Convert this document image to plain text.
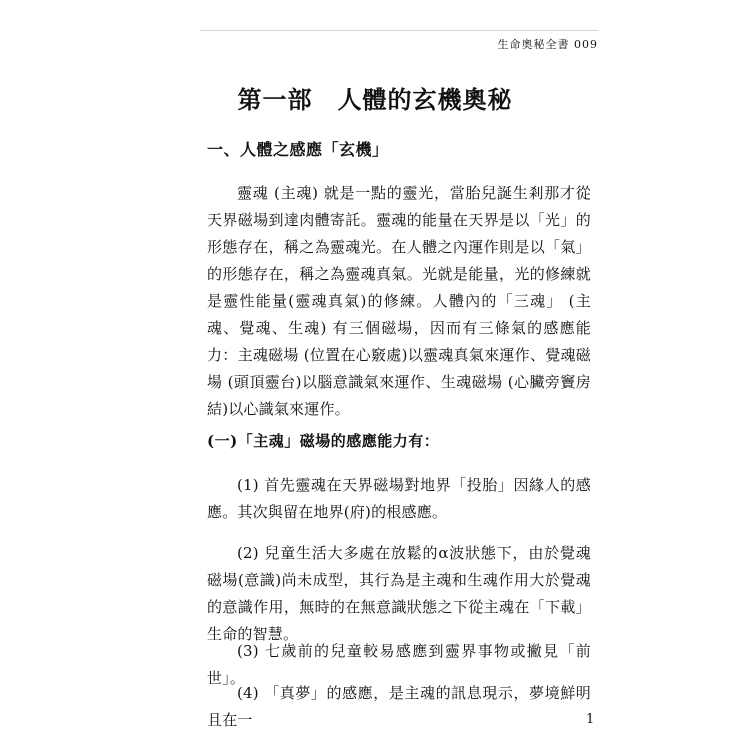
生命奧秘全書 009
第一部　人體的玄機奧秘
一、人體之感應「玄機」
靈魂 (主魂) 就是一點的靈光，當胎兒誕生剎那才從天界磁場到達肉體寄託。靈魂的能量在天界是以「光」的形態存在，稱之為靈魂光。在人體之內運作則是以「氣」的形態存在，稱之為靈魂真氣。光就是能量，光的修練就是靈性能量(靈魂真氣)的修練。人體內的「三魂」 (主魂、覺魂、生魂) 有三個磁場，因而有三條氣的感應能力：主魂磁場 (位置在心竅處)以靈魂真氣來運作、覺魂磁場 (頭頂靈台)以腦意識氣來運作、生魂磁場 (心臟旁竇房結)以心識氣來運作。
(一)「主魂」磁場的感應能力有：
(1) 首先靈魂在天界磁場對地界「投胎」因緣人的感應。其次與留在地界(府)的根感應。
(2) 兒童生活大多處在放鬆的α波狀態下，由於覺魂磁場(意識)尚未成型，其行為是主魂和生魂作用大於覺魂的意識作用，無時的在無意識狀態之下從主魂在「下載」生命的智慧。
(3) 七歲前的兒童較易感應到靈界事物或撇見「前世」。
(4) 「真夢」的感應，是主魂的訊息現示，夢境鮮明且在一	1
